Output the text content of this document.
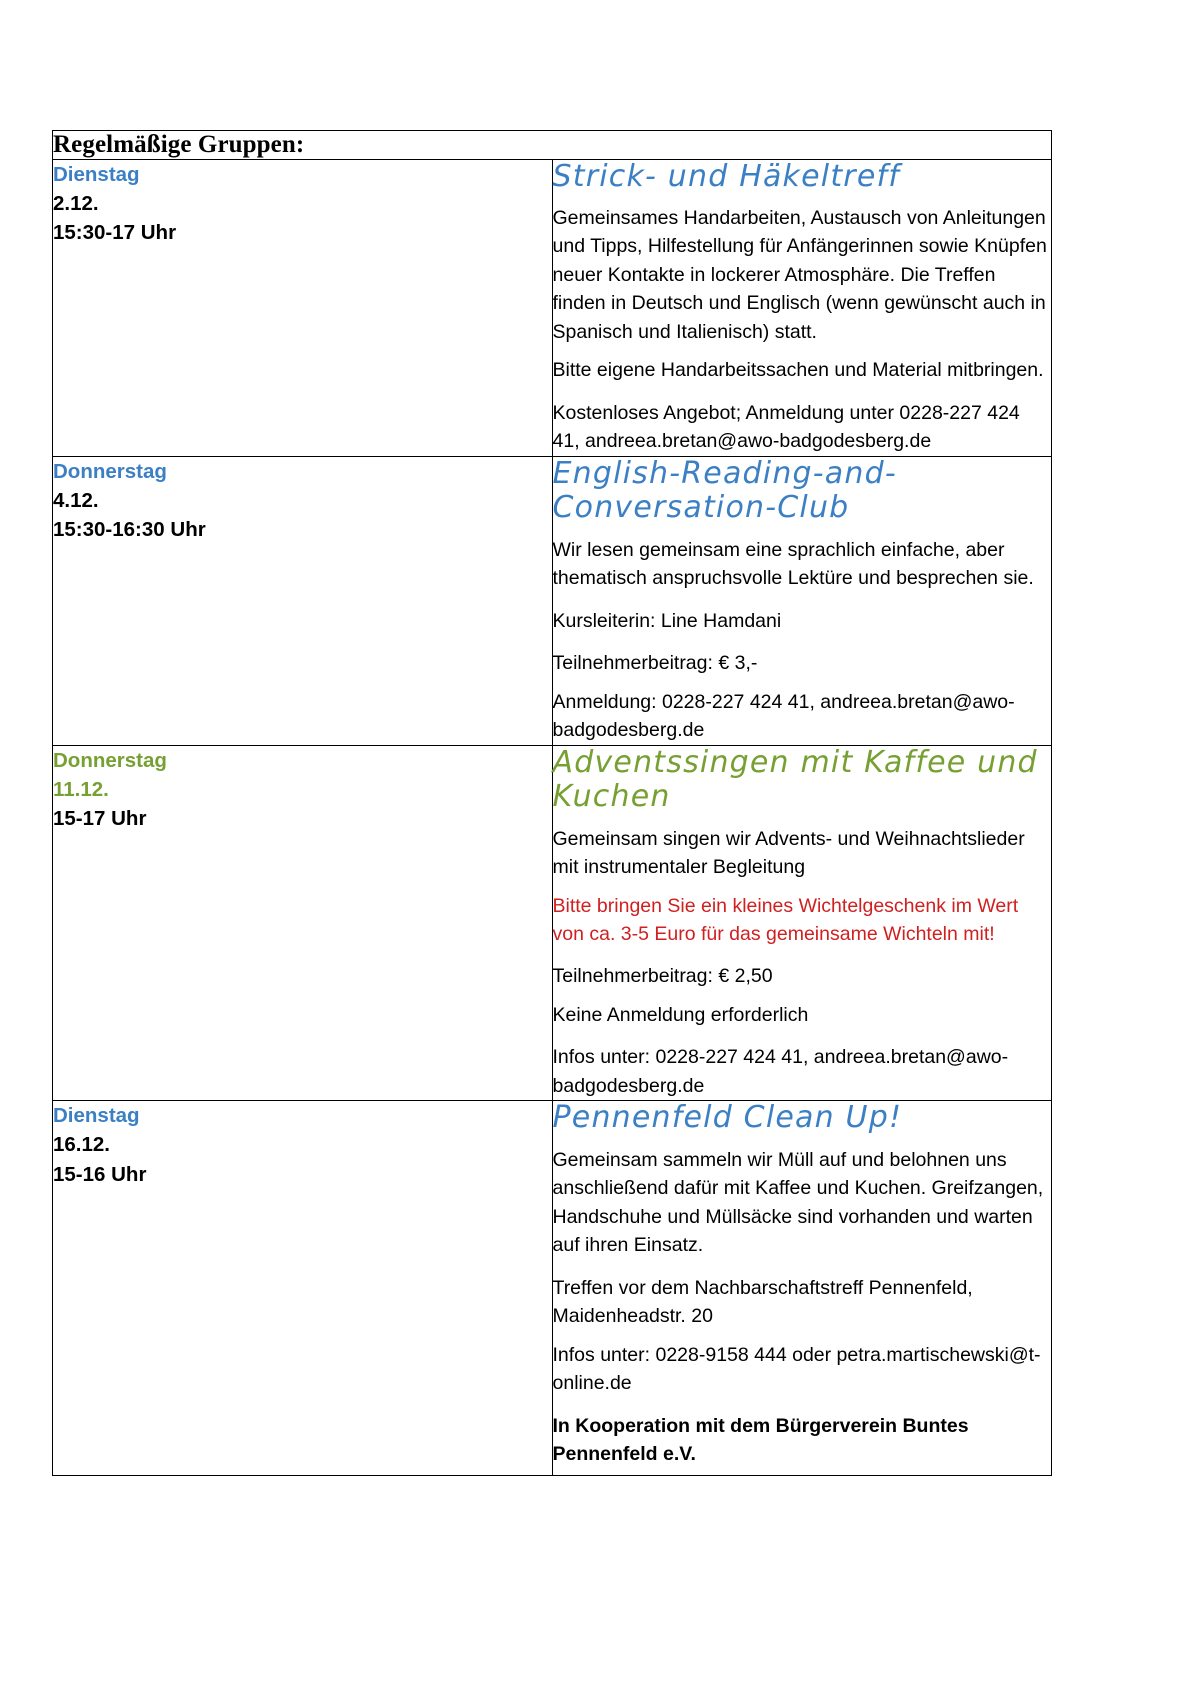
Regelmäßige Gruppen:	

Dienstag
2.12.
15:30-17 Uhr

Strick- und Häkeltreff

Gemeinsames Handarbeiten, Austausch von Anleitungen und Tipps, Hilfestellung für Anfängerinnen sowie Knüpfen neuer Kontakte in lockerer Atmosphäre. Die Treffen finden in Deutsch und Englisch (wenn gewünscht auch in Spanisch und Italienisch) statt.

Bitte eigene Handarbeitssachen und Material mitbringen.

Kostenloses Angebot; Anmeldung unter 0228-227 424 41, andreea.bretan@awo-badgodesberg.de

Donnerstag
4.12.
15:30-16:30 Uhr

English-Reading-and-Conversation-Club

Wir lesen gemeinsam eine sprachlich einfache, aber thematisch anspruchsvolle Lektüre und besprechen sie.

Kursleiterin: Line Hamdani

Teilnehmerbeitrag: € 3,-

Anmeldung: 0228-227 424 41, andreea.bretan@awo-badgodesberg.de

Donnerstag
11.12.
15-17 Uhr

Adventssingen mit Kaffee und Kuchen

Gemeinsam singen wir Advents- und Weihnachtslieder mit instrumentaler Begleitung

Bitte bringen Sie ein kleines Wichtelgeschenk im Wert von ca. 3-5 Euro für das gemeinsame Wichteln mit!

Teilnehmerbeitrag: € 2,50

Keine Anmeldung erforderlich

Infos unter: 0228-227 424 41, andreea.bretan@awo-badgodesberg.de

Dienstag
16.12.
15-16 Uhr

Pennenfeld Clean Up!

Gemeinsam sammeln wir Müll auf und belohnen uns anschließend dafür mit Kaffee und Kuchen. Greifzangen, Handschuhe und Müllsäcke sind vorhanden und warten auf ihren Einsatz.

Treffen vor dem Nachbarschaftstreff Pennenfeld, Maidenheadstr. 20

Infos unter: 0228-9158 444 oder petra.martischewski@t-online.de

In Kooperation mit dem Bürgerverein Buntes Pennenfeld e.V.
